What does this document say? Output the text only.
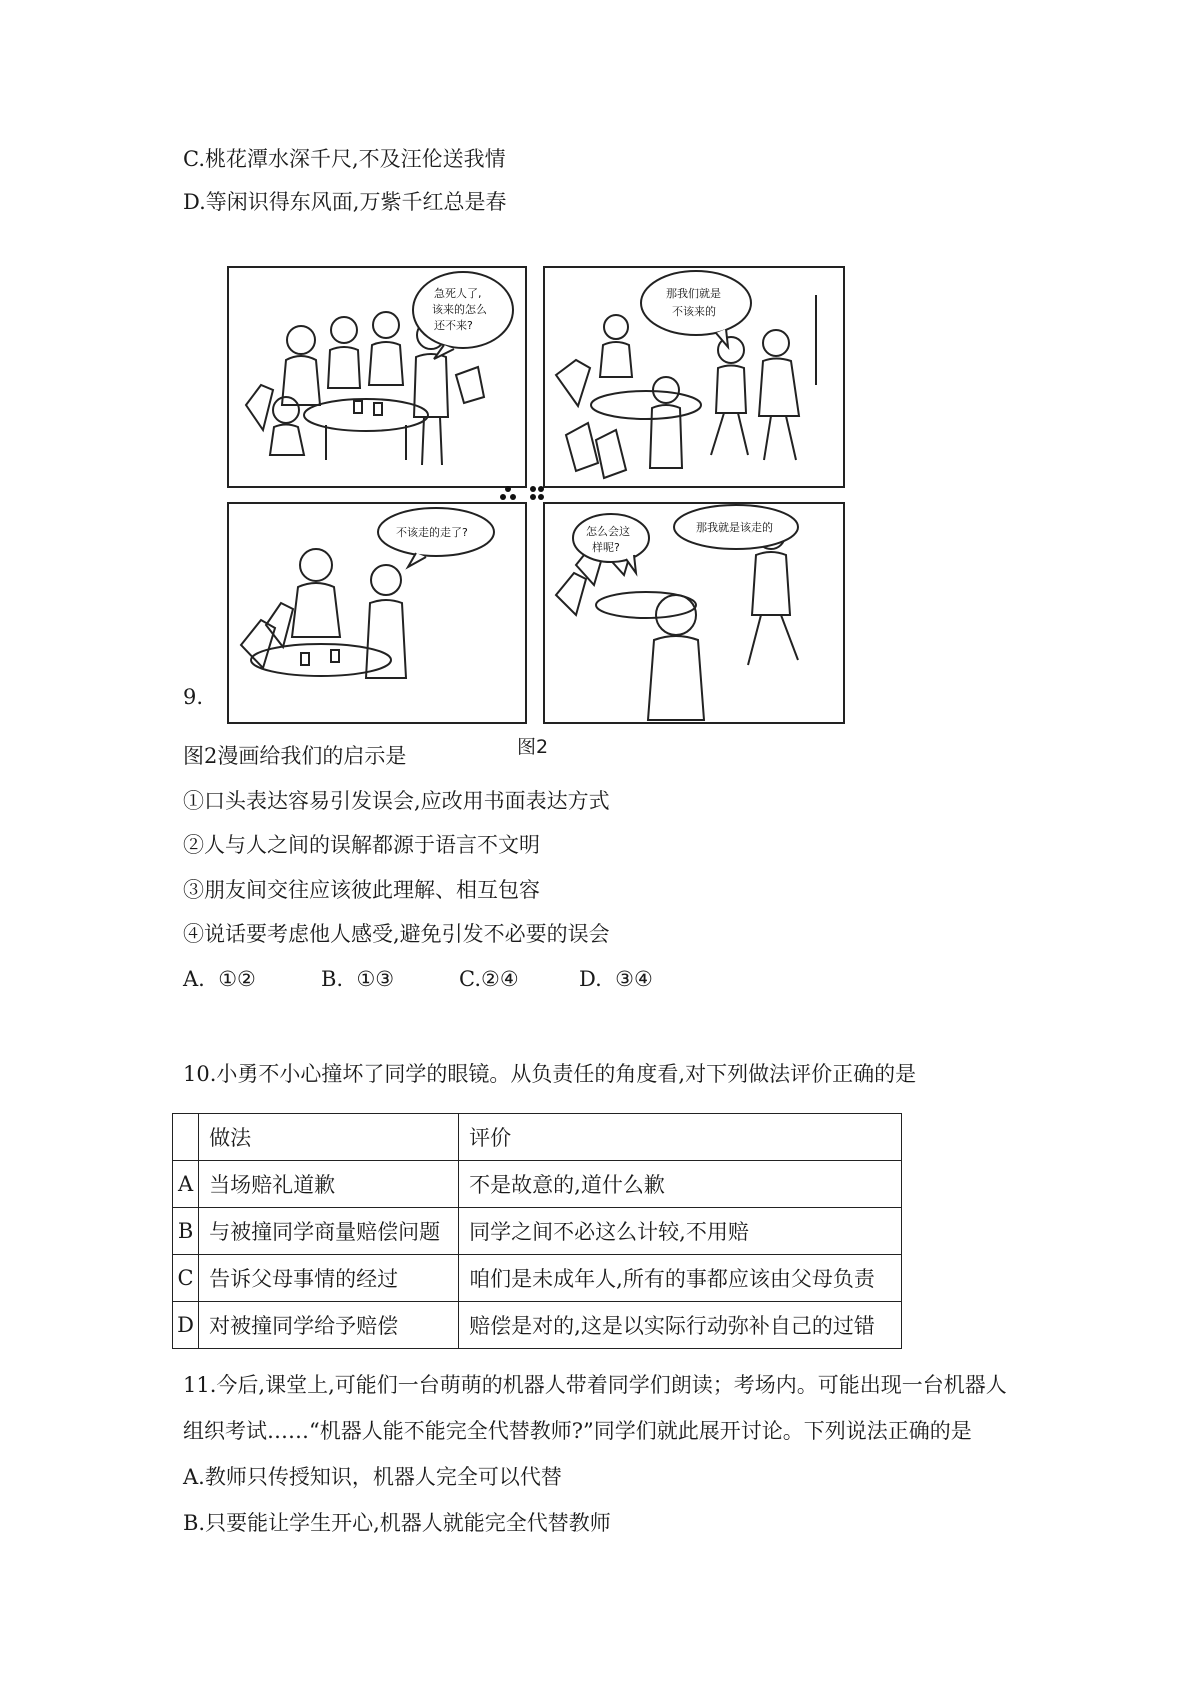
C.桃花潭水深千尺,不及汪伦送我情
D.等闲识得东风面,万紫千红总是春
急死人了,
该来的怎么
还不来?
那我们就是
不该来的
不该走的走了?	那我就是该走的
怎么会这
样呢?
9.
图2
图2漫画给我们的启示是
①口头表达容易引发误会,应改用书面表达方式
②人与人之间的误解都源于语言不文明
③朋友间交往应该彼此理解、相互包容
④说话要考虑他人感受,避免引发不必要的误会
A.  ①②	B.  ①③	C.②④	D.  ③④
10.小勇不小心撞坏了同学的眼镜。从负责任的角度看,对下列做法评价正确的是
	做法	评价
A	当场赔礼道歉	不是故意的,道什么歉
B	与被撞同学商量赔偿问题	同学之间不必这么计较,不用赔
C	告诉父母事情的经过	咱们是未成年人,所有的事都应该由父母负责
D	对被撞同学给予赔偿	赔偿是对的,这是以实际行动弥补自己的过错
11.今后,课堂上,可能们一台萌萌的机器人带着同学们朗读；考场内。可能出现一台机器人
组织考试……“机器人能不能完全代替教师?”同学们就此展开讨论。下列说法正确的是
A.教师只传授知识，机器人完全可以代替
B.只要能让学生开心,机器人就能完全代替教师
